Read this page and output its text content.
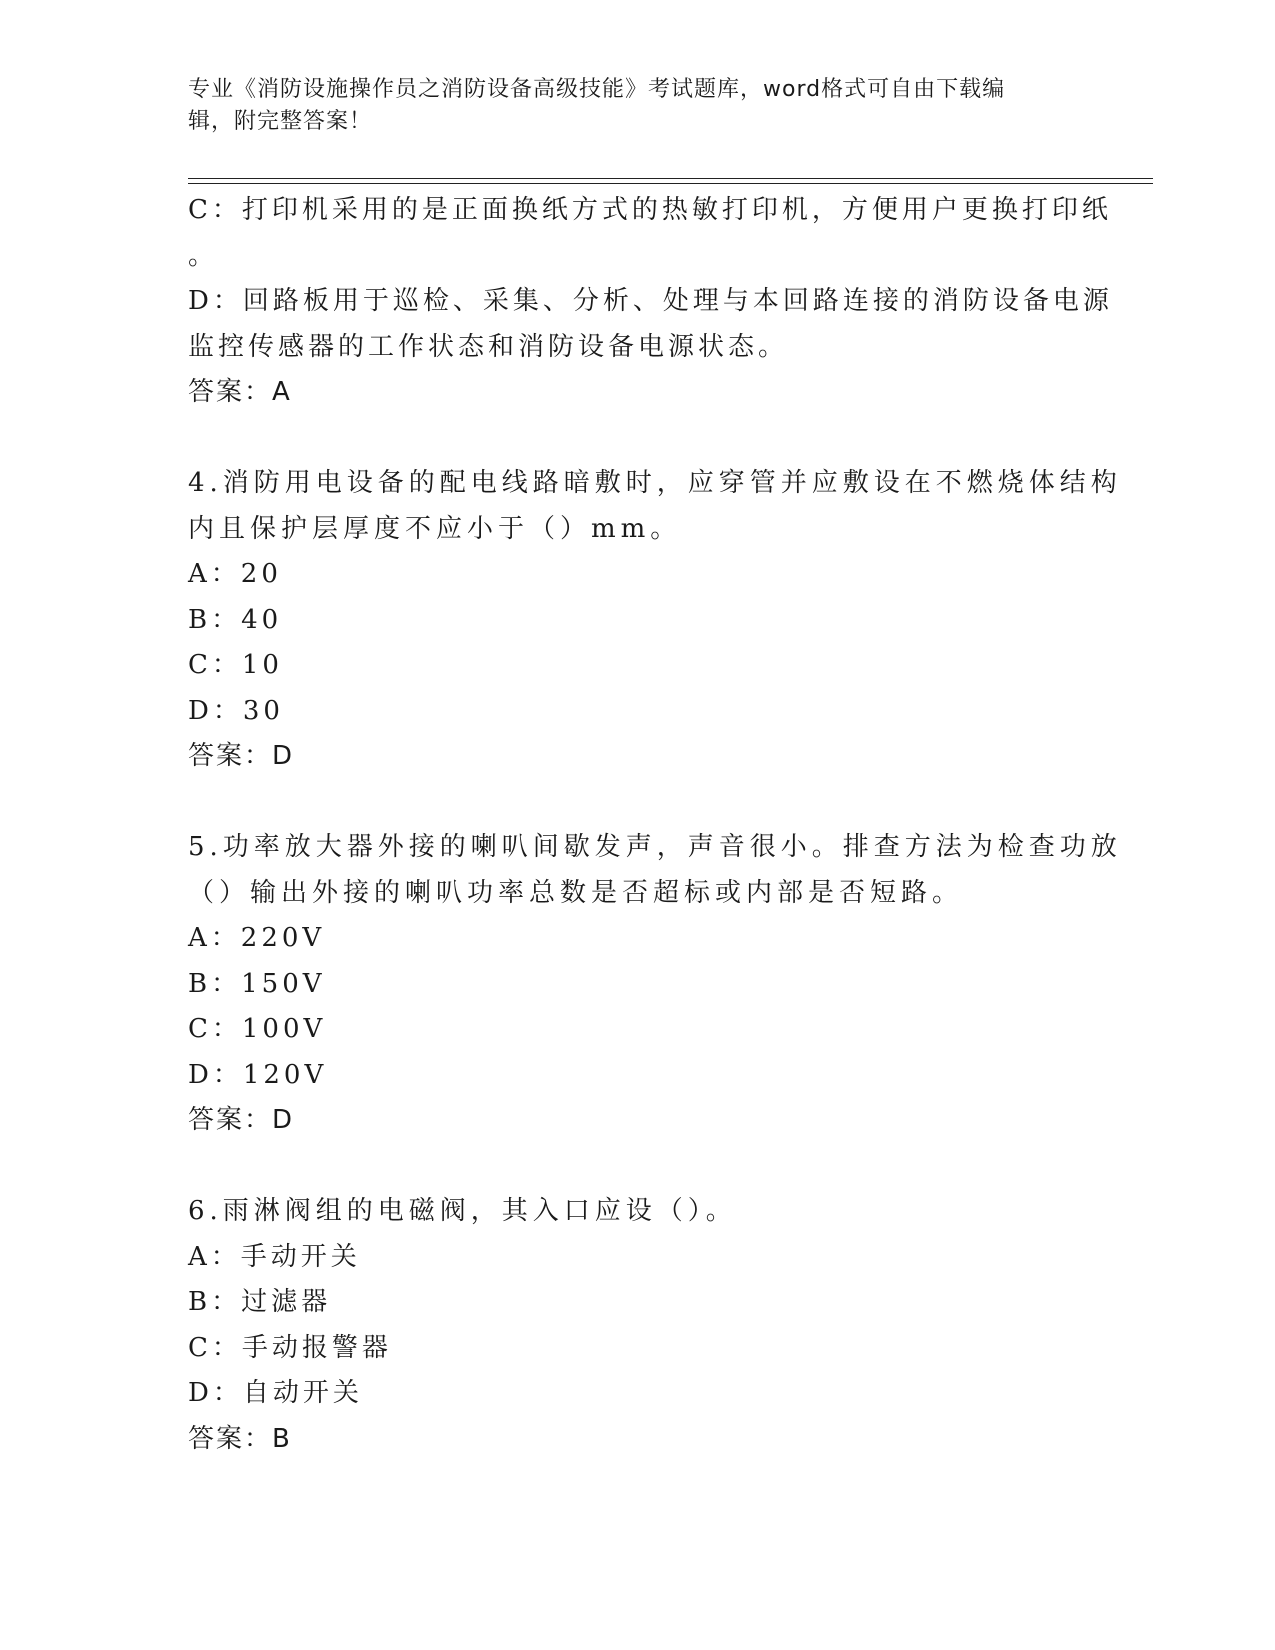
专业《消防设施操作员之消防设备高级技能》考试题库，word格式可自由下载编
辑，附完整答案！
C：打印机采用的是正面换纸方式的热敏打印机，方便用户更换打印纸
。
D：回路板用于巡检、采集、分析、处理与本回路连接的消防设备电源
监控传感器的工作状态和消防设备电源状态。
答案：A
4.消防用电设备的配电线路暗敷时，应穿管并应敷设在不燃烧体结构
内且保护层厚度不应小于（）mm。
A：20
B：40
C：10
D：30
答案：D
5.功率放大器外接的喇叭间歇发声，声音很小。排查方法为检查功放
（）输出外接的喇叭功率总数是否超标或内部是否短路。
A：220V
B：150V
C：100V
D：120V
答案：D
6.雨淋阀组的电磁阀，其入口应设（）。
A：手动开关
B：过滤器
C：手动报警器
D：自动开关
答案：B
